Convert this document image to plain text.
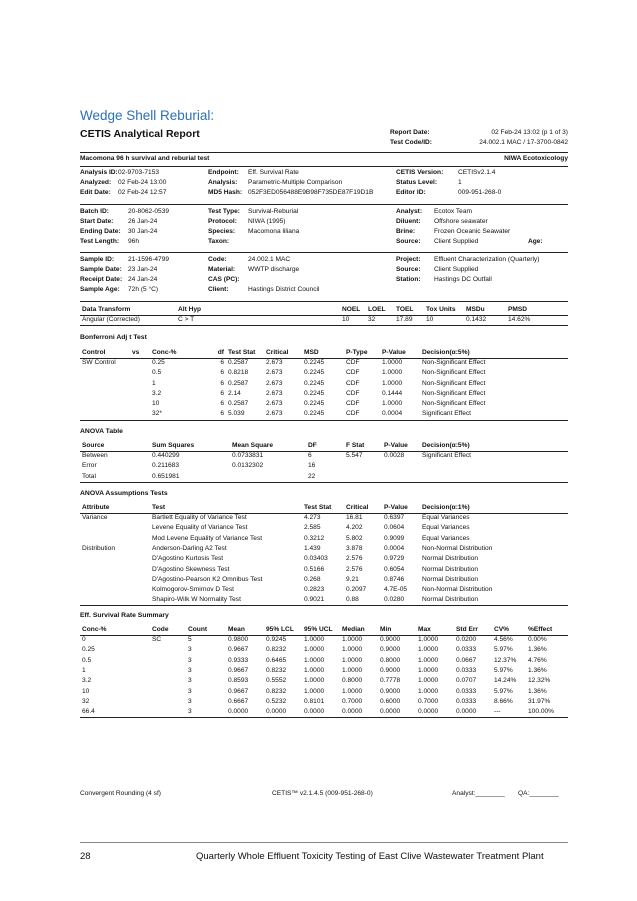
Wedge Shell Reburial:
CETIS Analytical Report	Report Date:	02 Feb-24 13:02 (p 1 of 3)
Test Code/ID:	24.002.1 MAC / 17-3700-0842
Macomona 96 h survival and reburial test	NIWA Ecotoxicology
Analysis ID:02-9703-7153
Analyzed: 02 Feb-24 13:00
Edit Date: 02 Feb-24 12:57
Endpoint: Eff. Survival Rate
Analysis: Parametric-Multiple Comparison
MD5 Hash: 052F3ED056488E9B98F735DE87F19D1B
CETIS Version: CETISv2.1.4
Status Level:	1
Editor ID:	009-951-268-0
Batch ID:	20-8062-0539
Start Date: 26 Jan-24
Ending Date: 30 Jan-24
Test Length: 96h
Test Type: Survival-Reburial
Protocol: NIWA (1995)
Species: Macomona liliana
Taxon:
Analyst: Ecotox Team
Diluent: Offshore seawater
Brine:	Frozen Oceanic Seawater
Source: Client Supplied	Age:
Sample ID: 21-1596-4799
Sample Date: 23 Jan-24
Receipt Date: 24 Jan-24
Sample Age: 72h (5 °C)
Code:	24.002.1 MAC
Material: WWTP discharge
CAS (PC):
Client:	Hastings District Council
Project: Effluent Characterization (Quarterly)
Source: Client Supplied
Station: Hastings DC Outfall
Data Transform	Alt Hyp			NOEL	LOEL	TOEL	Tox Units	MSDu	PMSD
Angular (Corrected)	C > T			10	32	17.89	10	0.1432	14.62%
Bonferroni Adj t Test
Control	vs	Conc-%	df	Test Stat	Critical	MSD	P-Type	P-Value	Decision(α:5%)
SW Control		0.25	6	0.2587	2.673	0.2245	CDF	1.0000	Non-Significant Effect
		0.5	6	0.8218	2.673	0.2245	CDF	1.0000	Non-Significant Effect
		1	6	0.2587	2.673	0.2245	CDF	1.0000	Non-Significant Effect
		3.2	6	2.14	2.673	0.2245	CDF	0.1444	Non-Significant Effect
		10	6	0.2587	2.673	0.2245	CDF	1.0000	Non-Significant Effect
		32*	6	5.039	2.673	0.2245	CDF	0.0004	Significant Effect
ANOVA Table
Source	Sum Squares	Mean Square	DF	F Stat	P-Value	Decision(α:5%)
Between	0.440299	0.0733831	6	5.547	0.0028	Significant Effect
Error	0.211683	0.0132302	16			
Total	0.651981		22			
ANOVA Assumptions Tests
Attribute	Test	Test Stat	Critical	P-Value	Decision(α:1%)
Variance	Bartlett Equality of Variance Test	4.273	16.81	0.6397	Equal Variances
	Levene Equality of Variance Test	2.585	4.202	0.0604	Equal Variances
	Mod Levene Equality of Variance Test	0.3212	5.802	0.9099	Equal Variances
Distribution	Anderson-Darling A2 Test	1.439	3.878	0.0004	Non-Normal Distribution
	D'Agostino Kurtosis Test	0.03403	2.576	0.9729	Normal Distribution
	D'Agostino Skewness Test	0.5166	2.576	0.6054	Normal Distribution
	D'Agostino-Pearson K2 Omnibus Test	0.268	9.21	0.8746	Normal Distribution
	Kolmogorov-Smirnov D Test	0.2823	0.2097	4.7E-05	Non-Normal Distribution
	Shapiro-Wilk W Normality Test	0.9021	0.88	0.0280	Normal Distribution
Eff. Survival Rate Summary
Conc-%	Code	Count	Mean	95% LCL	95% UCL	Median	Min	Max	Std Err	CV%	%Effect
0	SC	5	0.9800	0.9245	1.0000	1.0000	0.9000	1.0000	0.0200	4.56%	0.00%
0.25		3	0.9667	0.8232	1.0000	1.0000	0.9000	1.0000	0.0333	5.97%	1.36%
0.5		3	0.9333	0.6465	1.0000	1.0000	0.8000	1.0000	0.0667	12.37%	4.76%
1		3	0.9667	0.8232	1.0000	1.0000	0.9000	1.0000	0.0333	5.97%	1.36%
3.2		3	0.8593	0.5552	1.0000	0.8000	0.7778	1.0000	0.0707	14.24%	12.32%
10		3	0.9667	0.8232	1.0000	1.0000	0.9000	1.0000	0.0333	5.97%	1.36%
32		3	0.6667	0.5232	0.8101	0.7000	0.6000	0.7000	0.0333	8.66%	31.97%
66.4		3	0.0000	0.0000	0.0000	0.0000	0.0000	0.0000	0.0000	---	100.00%
Convergent Rounding (4 sf)	CETIS™ v2.1.4.5 (009-951-268-0)	Analyst:________ QA:________
28	Quarterly Whole Effluent Toxicity Testing of East Clive Wastewater Treatment Plant
